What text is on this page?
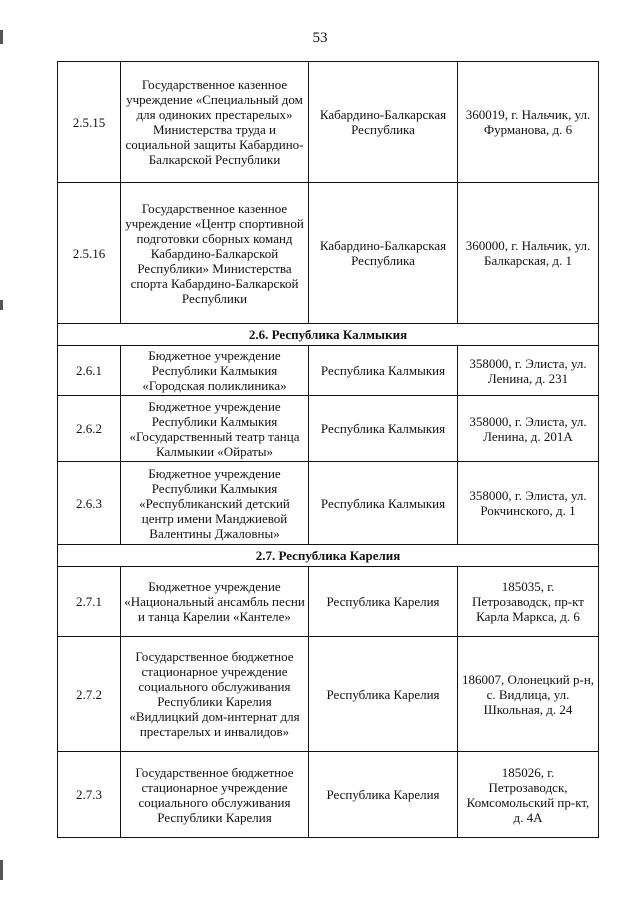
53
2.5.15	Государственное казенное учреждение «Специальный дом для одиноких престарелых» Министерства труда и социальной защиты Кабардино-Балкарской Республики	Кабардино-Балкарская Республика	360019, г. Нальчик, ул. Фурманова, д. 6
2.5.16	Государственное казенное учреждение «Центр спортивной подготовки сборных команд Кабардино-Балкарской Республики» Министерства спорта Кабардино-Балкарской Республики	Кабардино-Балкарская Республика	360000, г. Нальчик, ул. Балкарская, д. 1
2.6. Республика Калмыкия			
2.6.1	Бюджетное учреждение Республики Калмыкия «Городская поликлиника»	Республика Калмыкия	358000, г. Элиста, ул. Ленина, д. 231
2.6.2	Бюджетное учреждение Республики Калмыкия «Государственный театр танца Калмыкии «Ойраты»	Республика Калмыкия	358000, г. Элиста, ул. Ленина, д. 201А
2.6.3	Бюджетное учреждение Республики Калмыкия «Республиканский детский центр имени Манджиевой Валентины Джаловны»	Республика Калмыкия	358000, г. Элиста, ул. Рокчинского, д. 1
2.7. Республика Карелия			
2.7.1	Бюджетное учреждение «Национальный ансамбль песни и танца Карелии «Кантеле»	Республика Карелия	185035, г. Петрозаводск, пр-кт Карла Маркса, д. 6
2.7.2	Государственное бюджетное стационарное учреждение социального обслуживания Республики Карелия «Видлицкий дом-интернат для престарелых и инвалидов»	Республика Карелия	186007, Олонецкий р-н, с. Видлица, ул. Школьная, д. 24
2.7.3	Государственное бюджетное стационарное учреждение социального обслуживания Республики Карелия	Республика Карелия	185026, г. Петрозаводск, Комсомольский пр-кт, д. 4А
